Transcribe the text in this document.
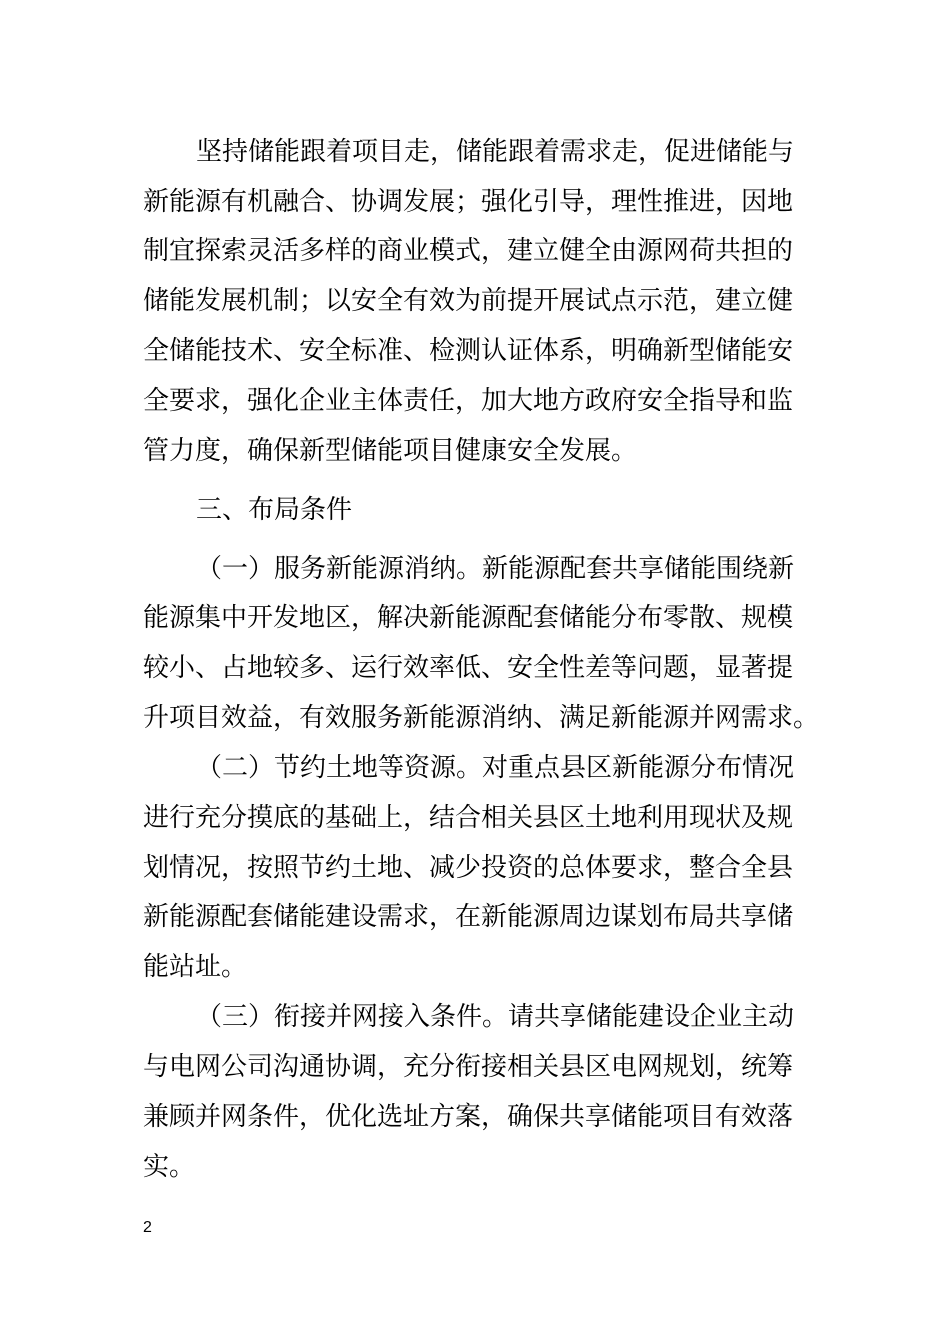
坚持储能跟着项目走，储能跟着需求走，促进储能与
新能源有机融合、协调发展；强化引导，理性推进，因地
制宜探索灵活多样的商业模式，建立健全由源网荷共担的
储能发展机制；以安全有效为前提开展试点示范，建立健
全储能技术、安全标准、检测认证体系，明确新型储能安
全要求，强化企业主体责任，加大地方政府安全指导和监
管力度，确保新型储能项目健康安全发展。
三、布局条件
（一）服务新能源消纳。新能源配套共享储能围绕新
能源集中开发地区，解决新能源配套储能分布零散、规模
较小、占地较多、运行效率低、安全性差等问题，显著提
升项目效益，有效服务新能源消纳、满足新能源并网需求。
（二）节约土地等资源。对重点县区新能源分布情况
进行充分摸底的基础上，结合相关县区土地利用现状及规
划情况，按照节约土地、减少投资的总体要求，整合全县
新能源配套储能建设需求，在新能源周边谋划布局共享储
能站址。
（三）衔接并网接入条件。请共享储能建设企业主动
与电网公司沟通协调，充分衔接相关县区电网规划，统筹
兼顾并网条件，优化选址方案，确保共享储能项目有效落
实。
2
